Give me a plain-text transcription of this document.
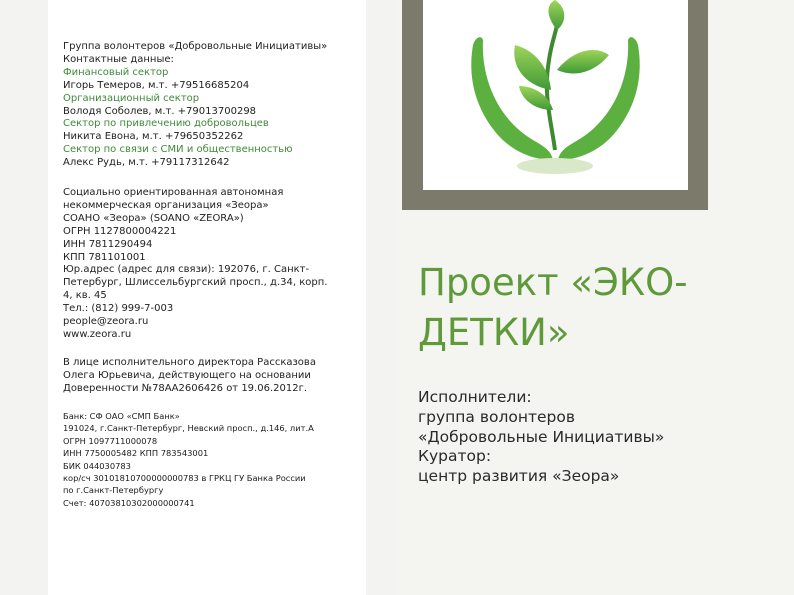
Группа волонтеров «Добровольные Инициативы»
Контактные данные:
Финансовый сектор
Игорь Темеров, м.т. +79516685204
Организационный сектор
Володя Соболев, м.т. +79013700298
Сектор по привлечению добровольцев
Никита Евона, м.т. +79650352262
Сектор по связи с СМИ и общественностью
Алекс Рудь, м.т. +79117312642

Социально ориентированная автономная
некоммерческая организация «Зеора»
СОАНО «Зеора» (SOANO «ZEORA»)
ОГРН 1127800004221
ИНН 7811290494
КПП 781101001
Юр.адрес (адрес для связи): 192076, г. Санкт-
Петербург, Шлиссельбургский просп., д.34, корп.
4, кв. 45
Тел.: (812) 999-7-003
people@zeora.ru
www.zeora.ru

В лице исполнительного директора Рассказова
Олега Юрьевича, действующего на основании
Доверенности №78АА2606426 от 19.06.2012г.

Банк: СФ ОАО «СМП Банк»
191024, г.Санкт-Петербург, Невский просп., д.146, лит.А
ОГРН 1097711000078
ИНН 7750005482 КПП 783543001
БИК 044030783
кор/сч 30101810700000000783 в ГРКЦ ГУ Банка России
по г.Санкт-Петербургу
Счет: 40703810302000000741

Проект «ЭКО-
ДЕТКИ»

Исполнители:
группа волонтеров
«Добровольные Инициативы»
Куратор:
центр развития «Зеора»
